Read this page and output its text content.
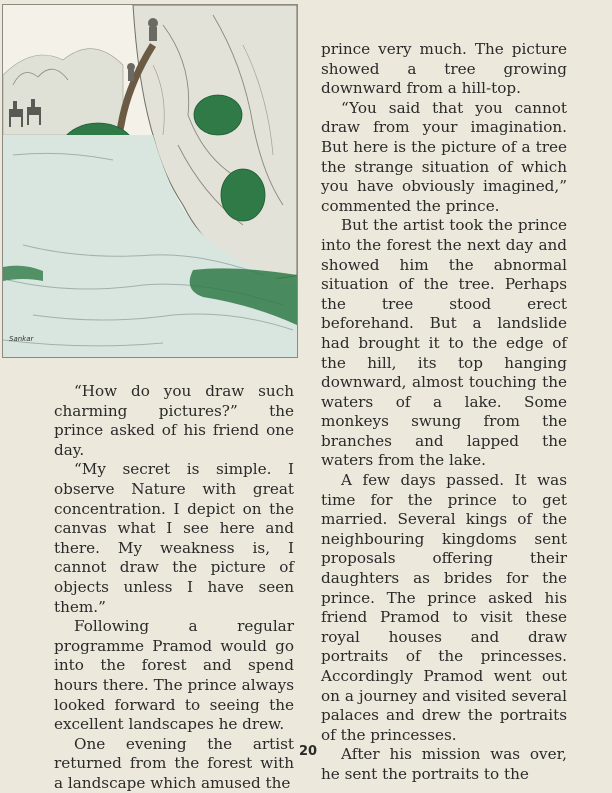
Sankar

“How do you draw such charming pictures?” the prince asked of his friend one day.

“My secret is simple. I observe Nature with great concentration. I depict on the canvas what I see here and there. My weakness is, I cannot draw the picture of objects unless I have seen them.”

Following a regular programme Pramod would go into the forest and spend hours there. The prince always looked forward to seeing the excellent landscapes he drew.

One evening the artist returned from the forest with a landscape which amused the

prince very much. The picture showed a tree growing downward from a hill-top.

“You said that you cannot draw from your imagination. But here is the picture of a tree the strange situation of which you have obviously imagined,” commented the prince.

But the artist took the prince into the forest the next day and showed him the abnormal situation of the tree. Perhaps the tree stood erect beforehand. But a landslide had brought it to the edge of the hill, its top hanging downward, almost touching the waters of a lake. Some monkeys swung from the branches and lapped the waters from the lake.

A few days passed. It was time for the prince to get married. Several kings of the neighbouring kingdoms sent proposals offering their daughters as brides for the prince. The prince asked his friend Pramod to visit these royal houses and draw portraits of the princesses. Accordingly Pramod went out on a journey and visited several palaces and drew the portraits of the princesses.

After his mission was over, he sent the portraits to the

20
